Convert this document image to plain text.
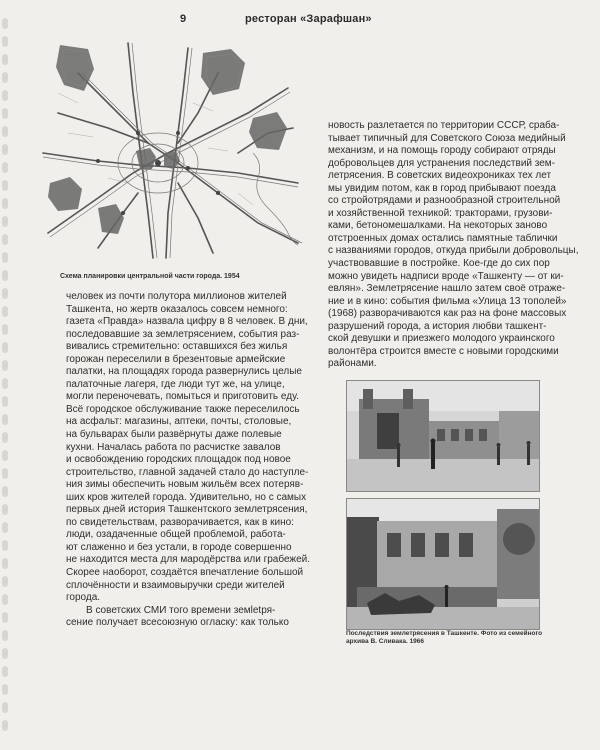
9	ресторан «Зарафшан»
Схема планировки центральной части города. 1954
новость разлетается по территории СССР, сраба-
тывает типичный для Советского Союза медийный
механизм, и на помощь городу собирают отряды
добровольцев для устранения последствий зем-
летрясения. В советских видеохрониках тех лет
мы увидим потом, как в город прибывают поезда
со стройотрядами и разнообразной строительной
и хозяйственной техникой: тракторами, грузови-
ками, бетономешалками. На некоторых заново
отстроенных домах остались памятные таблички
с названиями городов, откуда прибыли добровольцы,
участвовавшие в постройке. Кое-где до сих пор
можно увидеть надписи вроде «Ташкенту — от ки-
евлян». Землетрясение нашло затем своё отраже-
ние и в кино: события фильма «Улица 13 тополей»
(1968) разворачиваются как раз на фоне массовых
разрушений города, а история любви ташкент-
ской девушки и приезжего молодого украинского
волонтёра строится вместе с новыми городскими
районами.
человек из почти полутора миллионов жителей
Ташкента, но жертв оказалось совсем немного:
газета «Правда» назвала цифру в 8 человек. В дни,
последовавшие за землетрясением, события раз-
вивались стремительно: оставшихся без жилья
горожан переселили в брезентовые армейские
палатки, на площадях города развернулись целые
палаточные лагеря, где люди тут же, на улице,
могли переночевать, помыться и приготовить еду.
Всё городское обслуживание также переселилось
на асфальт: магазины, аптеки, почты, столовые,
на бульварах были развёрнуты даже полевые
кухни. Началась работа по расчистке завалов
и освобождению городских площадок под новое
строительство, главной задачей стало до наступле-
ния зимы обеспечить новым жильём всех потеряв-
ших кров жителей города. Удивительно, но с самых
первых дней история Ташкентского землетрясения,
по свидетельствам, разворачивается, как в кино:
люди, озадаченные общей проблемой, работа-
ют слаженно и без устали, в городе совершенно
не находится места для мародёрства или грабежей.
Скорее наоборот, создаётся впечатление большой
сплочённости и взаимовыручки среди жителей
города.
В советских СМИ того времени земletря-
сение получает всесоюзную огласку: как только
Последствия землетрясения в Ташкенте. Фото из семейного
архива В. Сливака. 1966
